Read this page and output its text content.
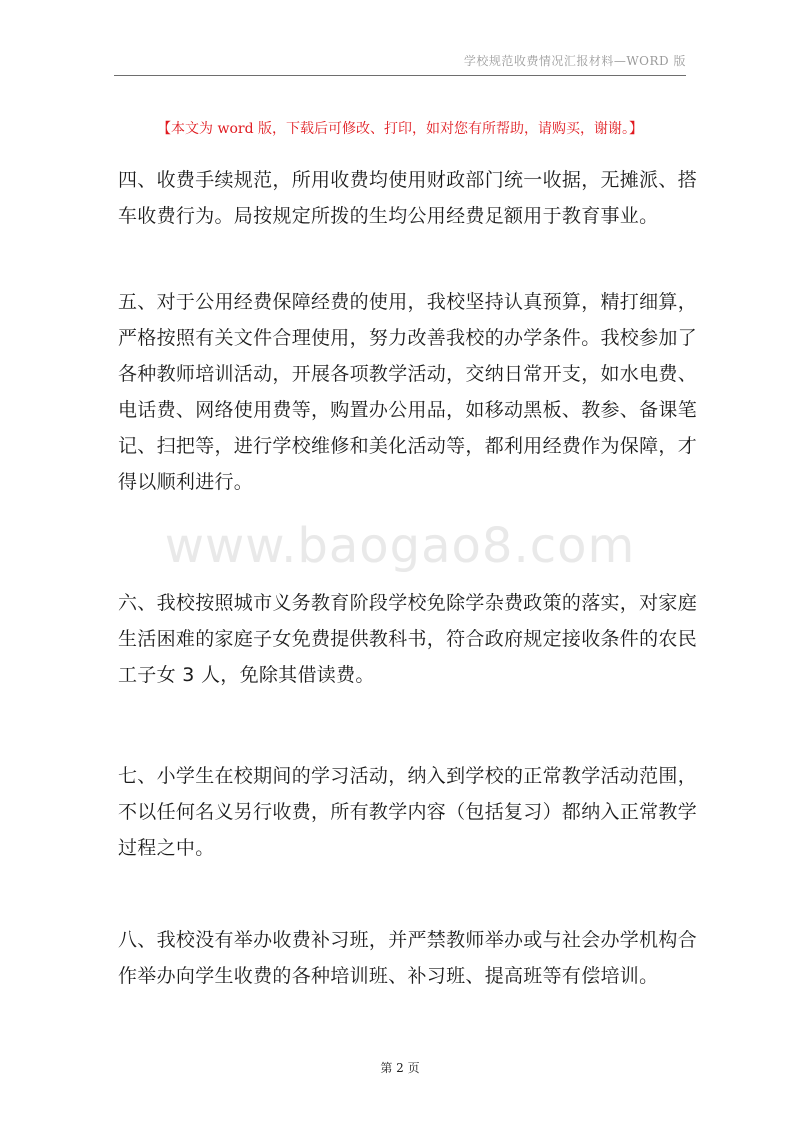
学校规范收费情况汇报材料—WORD 版
【本文为 word 版，下载后可修改、打印，如对您有所帮助，请购买，谢谢。】
www.baogao8.com

四、收费手续规范，所用收费均使用财政部门统一收据，无摊派、搭
车收费行为。局按规定所拨的生均公用经费足额用于教育事业。

五、对于公用经费保障经费的使用，我校坚持认真预算，精打细算，
严格按照有关文件合理使用，努力改善我校的办学条件。我校参加了
各种教师培训活动，开展各项教学活动，交纳日常开支，如水电费、
电话费、网络使用费等，购置办公用品，如移动黑板、教参、备课笔
记、扫把等，进行学校维修和美化活动等，都利用经费作为保障，才
得以顺利进行。

六、我校按照城市义务教育阶段学校免除学杂费政策的落实，对家庭
生活困难的家庭子女免费提供教科书，符合政府规定接收条件的农民
工子女 3 人，免除其借读费。

七、小学生在校期间的学习活动，纳入到学校的正常教学活动范围，
不以任何名义另行收费，所有教学内容（包括复习）都纳入正常教学
过程之中。

八、我校没有举办收费补习班，并严禁教师举办或与社会办学机构合
作举办向学生收费的各种培训班、补习班、提高班等有偿培训。

第 2 页
